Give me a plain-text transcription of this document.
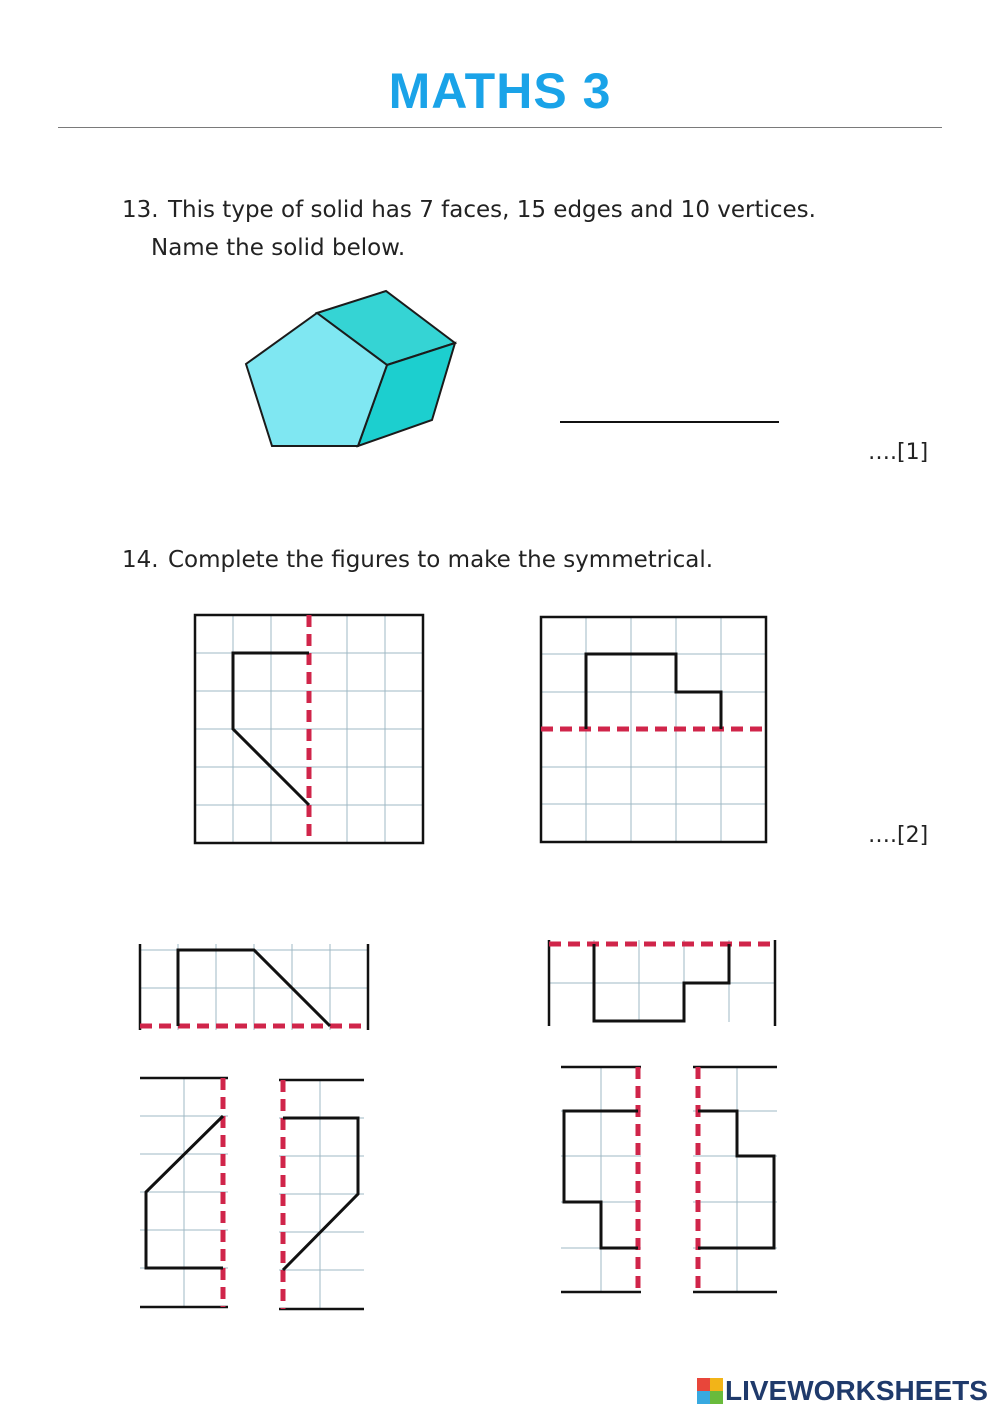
MATHS 3
13. This type of solid has 7 faces, 15 edges and 10 vertices.
Name the solid below.
….[1]
14. Complete the figures to make the symmetrical.
….[2]
LIVEWORKSHEETS
